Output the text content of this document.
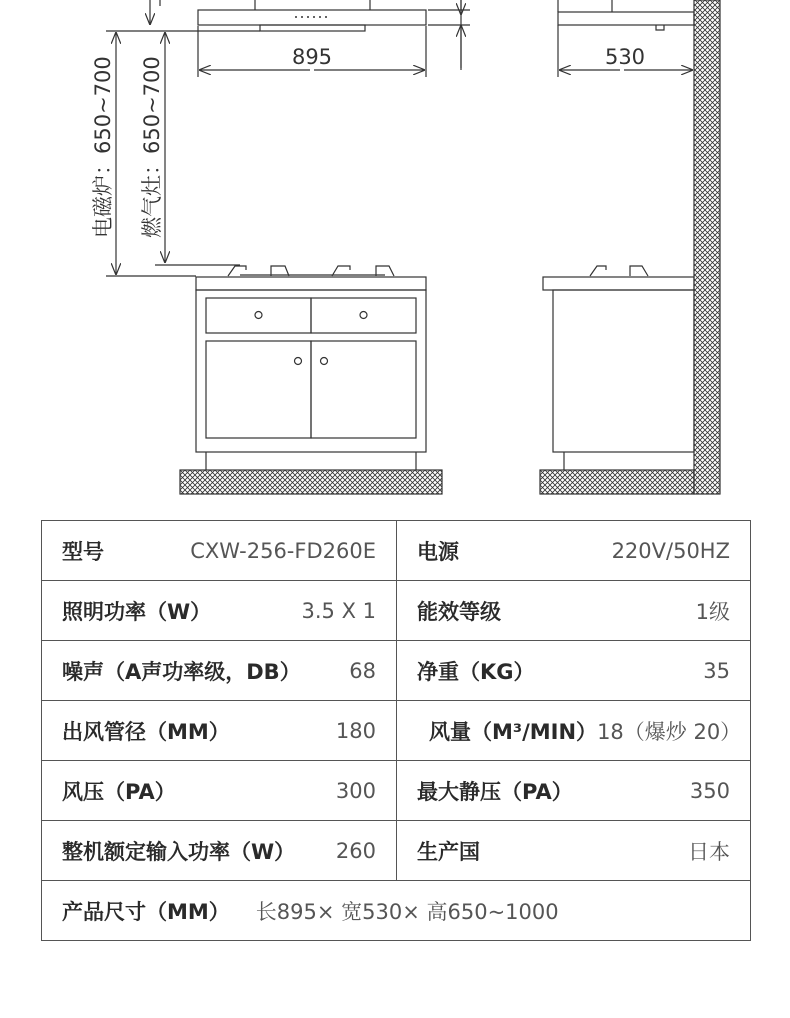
895
电磁炉：650~700 燃气灶：650~700	530
型号 CXW-256-FD260E	电源 220V/50HZ

照明功率（W） 3.5 X 1	能效等级 1级

噪声（A声功率级，DB） 68	净重（KG） 35

出风管径（MM） 180	风量（M³/MIN） 18（爆炒 20）

风压（PA） 300	最大静压（PA） 350

整机额定输入功率（W） 260	生产国 日本

产品尺寸（MM） 长895× 宽530× 高650~1000	
